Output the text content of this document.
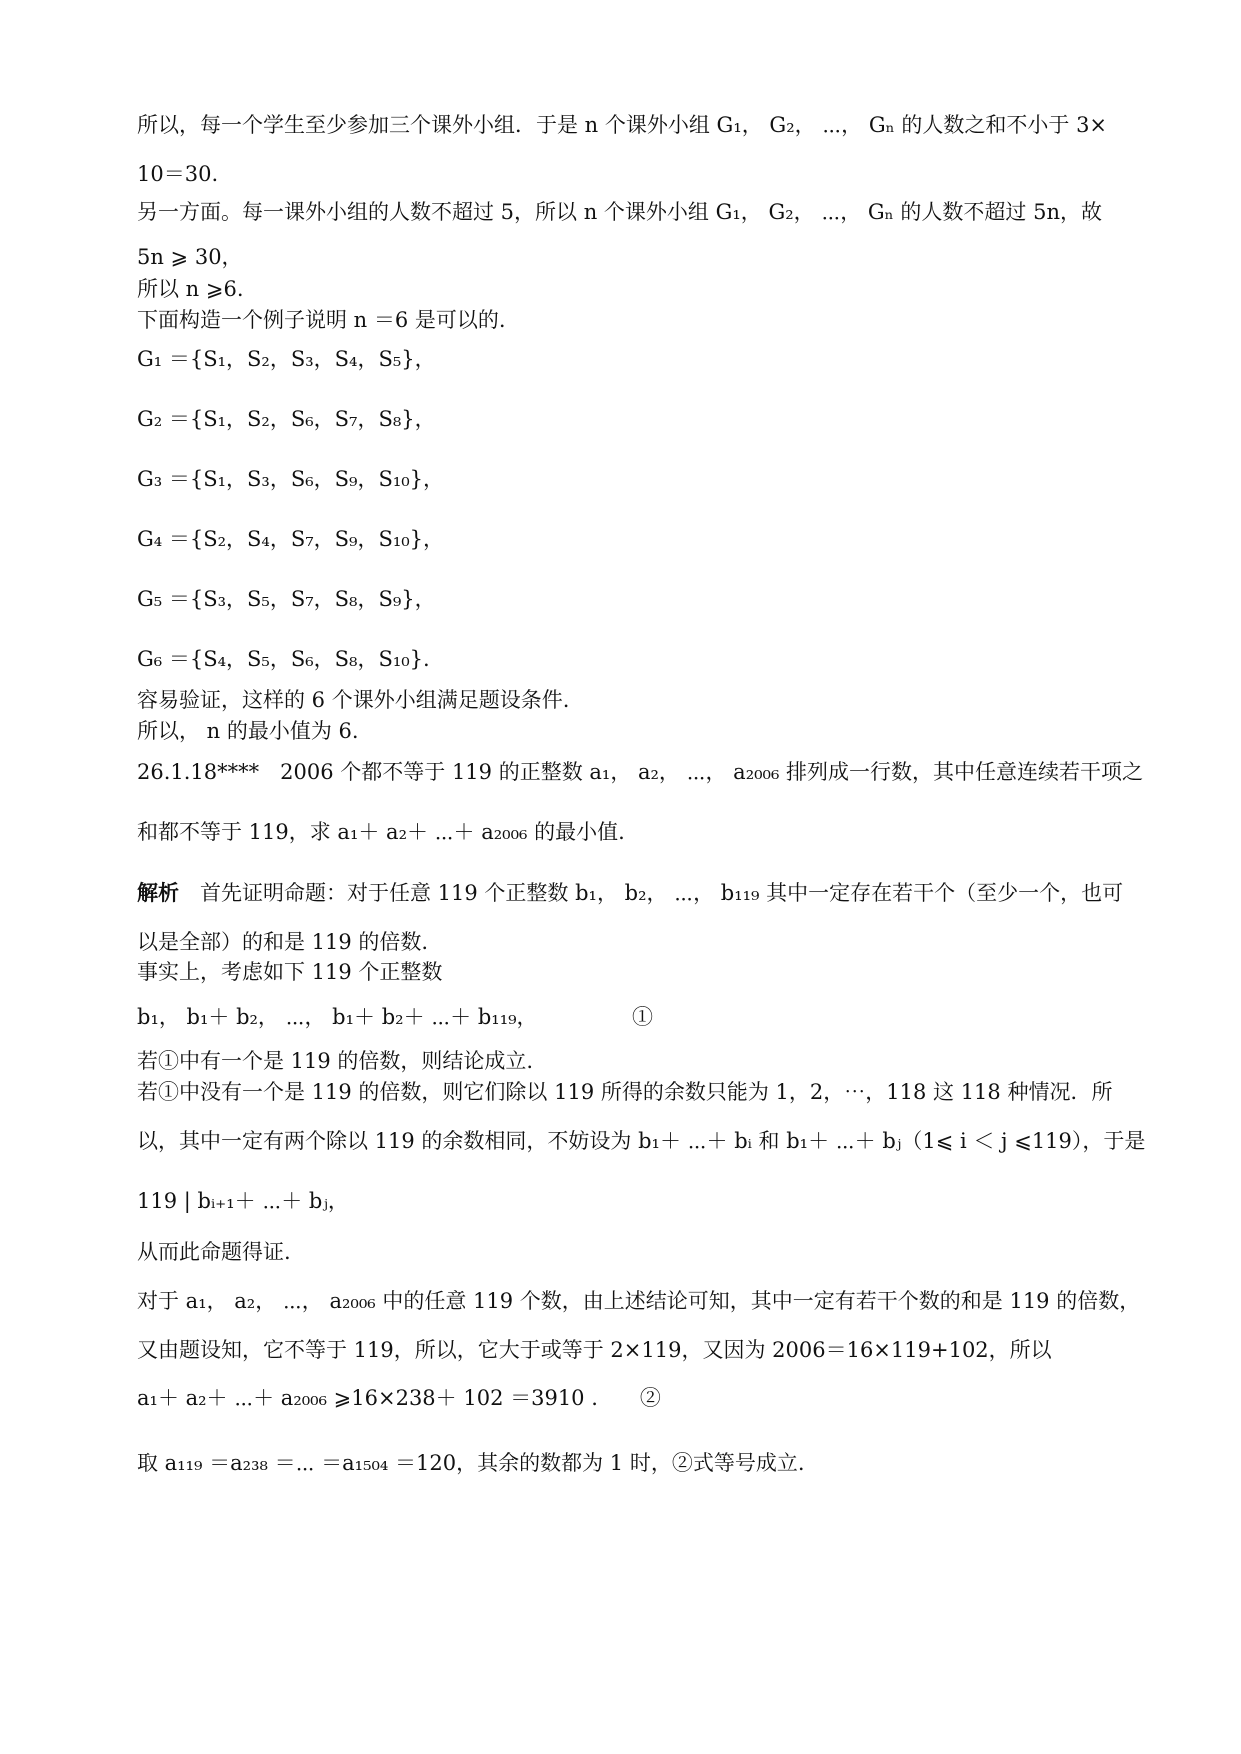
所以，每一个学生至少参加三个课外小组．于是 n 个课外小组 G₁， G₂， ⋯， Gₙ 的人数之和不小于 3×
10＝30.
另一方面。每一课外小组的人数不超过 5，所以 n 个课外小组 G₁， G₂， ⋯， Gₙ 的人数不超过 5n，故
5n ⩾ 30，
所以 n ⩾6.
下面构造一个例子说明 n ＝6 是可以的.
G₁ ＝{S₁，S₂，S₃，S₄，S₅}，
G₂ ＝{S₁，S₂，S₆，S₇，S₈}，
G₃ ＝{S₁，S₃，S₆，S₉，S₁₀}，
G₄ ＝{S₂，S₄，S₇，S₉，S₁₀}，
G₅ ＝{S₃，S₅，S₇，S₈，S₉}，
G₆ ＝{S₄，S₅，S₆，S₈，S₁₀}.
容易验证，这样的 6 个课外小组满足题设条件.
所以， n 的最小值为 6.
26.1.18****　2006 个都不等于 119 的正整数 a₁， a₂， ⋯， a₂₀₀₆ 排列成一行数，其中任意连续若干项之
和都不等于 119，求 a₁＋ a₂＋ ⋯＋ a₂₀₀₆ 的最小值.
解析　 首先证明命题：对于任意 119 个正整数 b₁， b₂， ⋯， b₁₁₉ 其中一定存在若干个（至少一个，也可
以是全部）的和是 119 的倍数.
事实上，考虑如下 119 个正整数
b₁， b₁＋ b₂， ⋯， b₁＋ b₂＋ ⋯＋ b₁₁₉，　　　　　①
若①中有一个是 119 的倍数，则结论成立.
若①中没有一个是 119 的倍数，则它们除以 119 所得的余数只能为 1，2，⋯，118 这 118 种情况．所
以，其中一定有两个除以 119 的余数相同，不妨设为 b₁＋ ⋯＋ bᵢ 和 b₁＋ ⋯＋ bⱼ（1⩽ i ＜ j ⩽119），于是
119 | bᵢ₊₁＋ ⋯＋ bⱼ，
从而此命题得证.
对于 a₁， a₂， ⋯， a₂₀₀₆ 中的任意 119 个数，由上述结论可知，其中一定有若干个数的和是 119 的倍数，
又由题设知，它不等于 119，所以，它大于或等于 2×119，又因为 2006＝16×119+102，所以
a₁＋ a₂＋ ⋯＋ a₂₀₀₆ ⩾16×238＋ 102 ＝3910 .　　②
取 a₁₁₉ ＝a₂₃₈ ＝⋯ ＝a₁₅₀₄ ＝120，其余的数都为 1 时，②式等号成立.
